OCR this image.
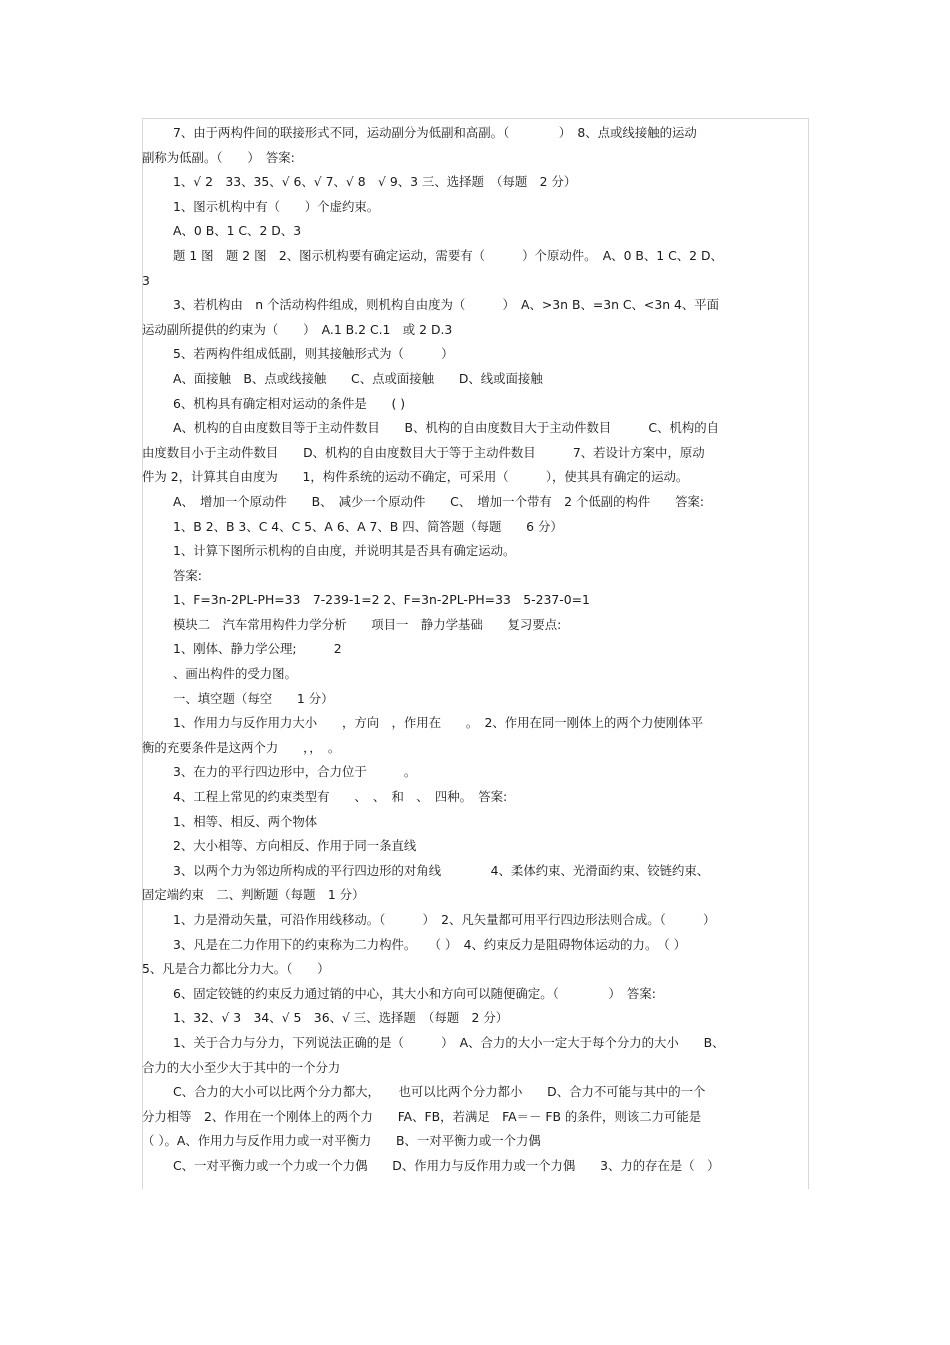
7、由于两构件间的联接形式不同，运动副分为低副和高副。（　　　　）　8、点或线接触的运动
副称为低副。（　　）　答案:
1、√ 2　33、35、√ 6、√ 7、√ 8　√ 9、3 三、选择题　（每题　2 分）
1、图示机构中有（　　）个虚约束。
A、0 B、1 C、2 D、3
题 1 图　题 2 图　2、图示机构要有确定运动，需要有（　　　）个原动件。　A、0 B、1 C、2 D、
3
3、若机构由　n 个活动构件组成，则机构自由度为（　　　）　A、>3n B、=3n C、<3n 4、平面
运动副所提供的约束为（　　）　A.1 B.2 C.1　或 2 D.3
5、若两构件组成低副，则其接触形式为（　　　）
A、面接触　B、点或线接触　　C、点或面接触　　D、线或面接触
6、机构具有确定相对运动的条件是　　( )
A、机构的自由度数目等于主动件数目　　B、机构的自由度数目大于主动件数目　　　C、机构的自
由度数目小于主动件数目　　D、机构的自由度数目大于等于主动件数目　　　7、若设计方案中，原动
件为 2，计算其自由度为　　1，构件系统的运动不确定，可采用（　　　），使其具有确定的运动。
A、　增加一个原动件　　B、　减少一个原动件　　C、　增加一个带有　2 个低副的构件　　答案:
1、B 2、B 3、C 4、C 5、A 6、A 7、B 四、简答题（每题　　6 分）
1、计算下图所示机构的自由度，并说明其是否具有确定运动。
答案:
1、F=3n-2PL-PH=33　7-239-1=2 2、F=3n-2PL-PH=33　5-237-0=1
模块二　汽车常用构件力学分析　　项目一　静力学基础　　复习要点:
1、刚体、静力学公理;　　　2
、画出构件的受力图。
一、填空题（每空　　1 分）
1、作用力与反作用力大小　　，方向　，作用在　　。　2、作用在同一刚体上的两个力使刚体平
衡的充要条件是这两个力　　，，　。
3、在力的平行四边形中，合力位于　　　。
4、工程上常见的约束类型有　　、　、　和　、　四种。　答案:
1、相等、相反、两个物体
2、大小相等、方向相反、作用于同一条直线
3、以两个力为邻边所构成的平行四边形的对角线　　　　4、柔体约束、光滑面约束、铰链约束、
固定端约束　二、判断题（每题　1 分）
1、力是滑动矢量，可沿作用线移动。（　　　）　2、凡矢量都可用平行四边形法则合成。（　　　）
3、凡是在二力作用下的约束称为二力构件。　　（ ）　4、约束反力是阻碍物体运动的力。　（ ）
5、凡是合力都比分力大。（　　）
6、固定铰链的约束反力通过销的中心，其大小和方向可以随便确定。（　　　　）　答案:
1、32、√ 3　34、√ 5　36、√ 三、选择题　（每题　2 分）
1、关于合力与分力，下列说法正确的是（　　　）　A、合力的大小一定大于每个分力的大小　　B、
合力的大小至少大于其中的一个分力
C、合力的大小可以比两个分力都大，　　也可以比两个分力都小　　D、合力不可能与其中的一个
分力相等　2、作用在一个刚体上的两个力　　FA、FB，若满足　FA＝－ FB 的条件，则该二力可能是
（ ）。A、作用力与反作用力或一对平衡力　　B、一对平衡力或一个力偶
C、一对平衡力或一个力或一个力偶　　D、作用力与反作用力或一个力偶　　3、力的存在是（　）
